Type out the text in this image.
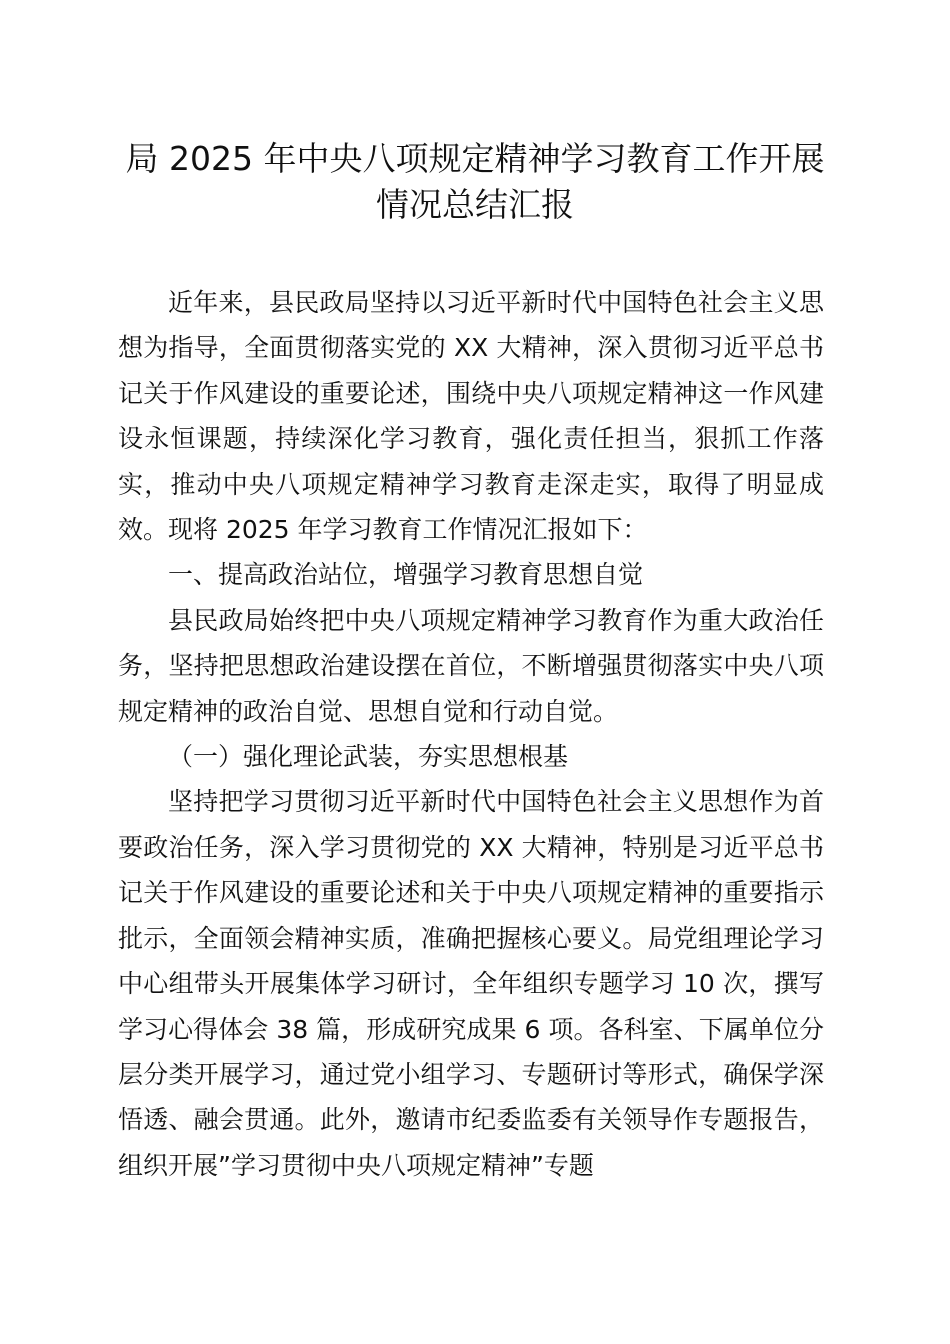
局 2025 年中央八项规定精神学习教育工作开展情况总结汇报

近年来，县民政局坚持以习近平新时代中国特色社会主义思想为指导，全面贯彻落实党的 XX 大精神，深入贯彻习近平总书记关于作风建设的重要论述，围绕中央八项规定精神这一作风建设永恒课题，持续深化学习教育，强化责任担当，狠抓工作落实，推动中央八项规定精神学习教育走深走实，取得了明显成效。现将 2025 年学习教育工作情况汇报如下：

一、提高政治站位，增强学习教育思想自觉

县民政局始终把中央八项规定精神学习教育作为重大政治任务，坚持把思想政治建设摆在首位，不断增强贯彻落实中央八项规定精神的政治自觉、思想自觉和行动自觉。

（一）强化理论武装，夯实思想根基

坚持把学习贯彻习近平新时代中国特色社会主义思想作为首要政治任务，深入学习贯彻党的 XX 大精神，特别是习近平总书记关于作风建设的重要论述和关于中央八项规定精神的重要指示批示，全面领会精神实质，准确把握核心要义。局党组理论学习中心组带头开展集体学习研讨，全年组织专题学习 10 次，撰写学习心得体会 38 篇，形成研究成果 6 项。各科室、下属单位分层分类开展学习，通过党小组学习、专题研讨等形式，确保学深悟透、融会贯通。此外，邀请市纪委监委有关领导作专题报告，组织开展”学习贯彻中央八项规定精神”专题
